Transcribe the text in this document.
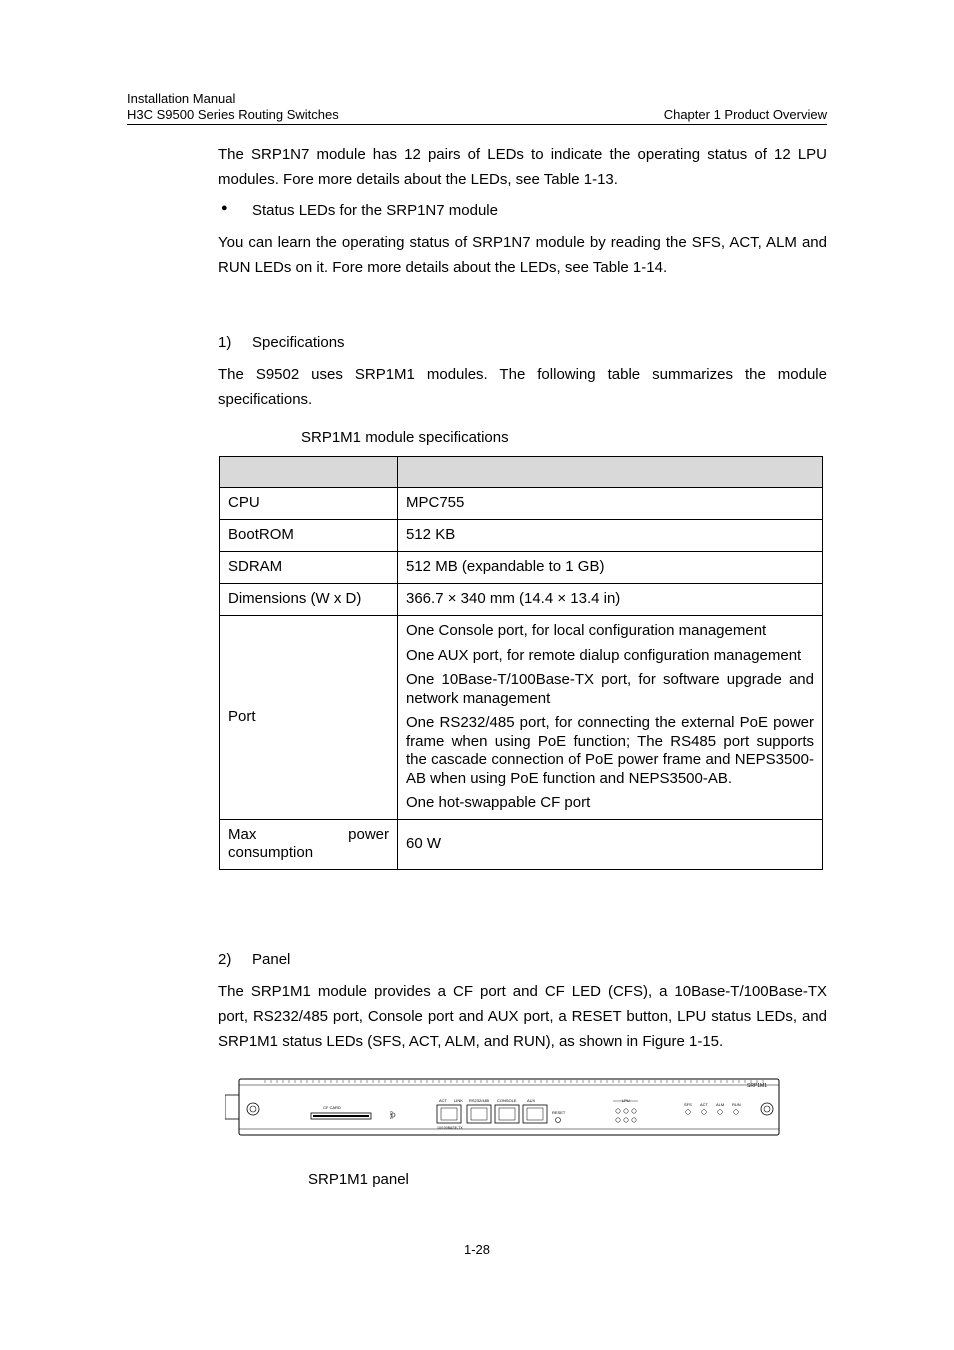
Installation Manual
H3C S9500 Series Routing Switches	Chapter 1 Product Overview
The SRP1N7 module has 12 pairs of LEDs to indicate the operating status of 12 LPU modules. Fore more details about the LEDs, see Table 1-13.
● Status LEDs for the SRP1N7 module
You can learn the operating status of SRP1N7 module by reading the SFS, ACT, ALM and RUN LEDs on it. Fore more details about the LEDs, see Table 1-14.
1)	Specifications
The S9502 uses SRP1M1 modules. The following table summarizes the module specifications.
SRP1M1 module specifications

CPU	MPC755
BootROM	512 KB
SDRAM	512 MB (expandable to 1 GB)
Dimensions (W x D)	366.7 × 340 mm (14.4 × 13.4 in)
Port	One Console port, for local configuration management
One AUX port, for remote dialup configuration management
One 10Base-T/100Base-TX port, for software upgrade and network management
One RS232/485 port, for connecting the external PoE power frame when using PoE function; The RS485 port supports the cascade connection of PoE power frame and NEPS3500-AB when using PoE function and NEPS3500-AB.
One hot-swappable CF port

Max power consumption	60 W
2)	Panel
The SRP1M1 module provides a CF port and CF LED (CFS), a 10Base-T/100Base-TX port, RS232/485 port, Console port and AUX port, a RESET button, LPU status LEDs, and SRP1M1 status LEDs (SFS, ACT, ALM, and RUN), as shown in Figure 1-15.
SRP1M1
CF CARD
CFS
ACT LINK
10/100BASE-TX
RS232/485 CONSOLE	AUX
RESET
LPU
SFS ACT ALM RUN
SRP1M1 panel
1-28
